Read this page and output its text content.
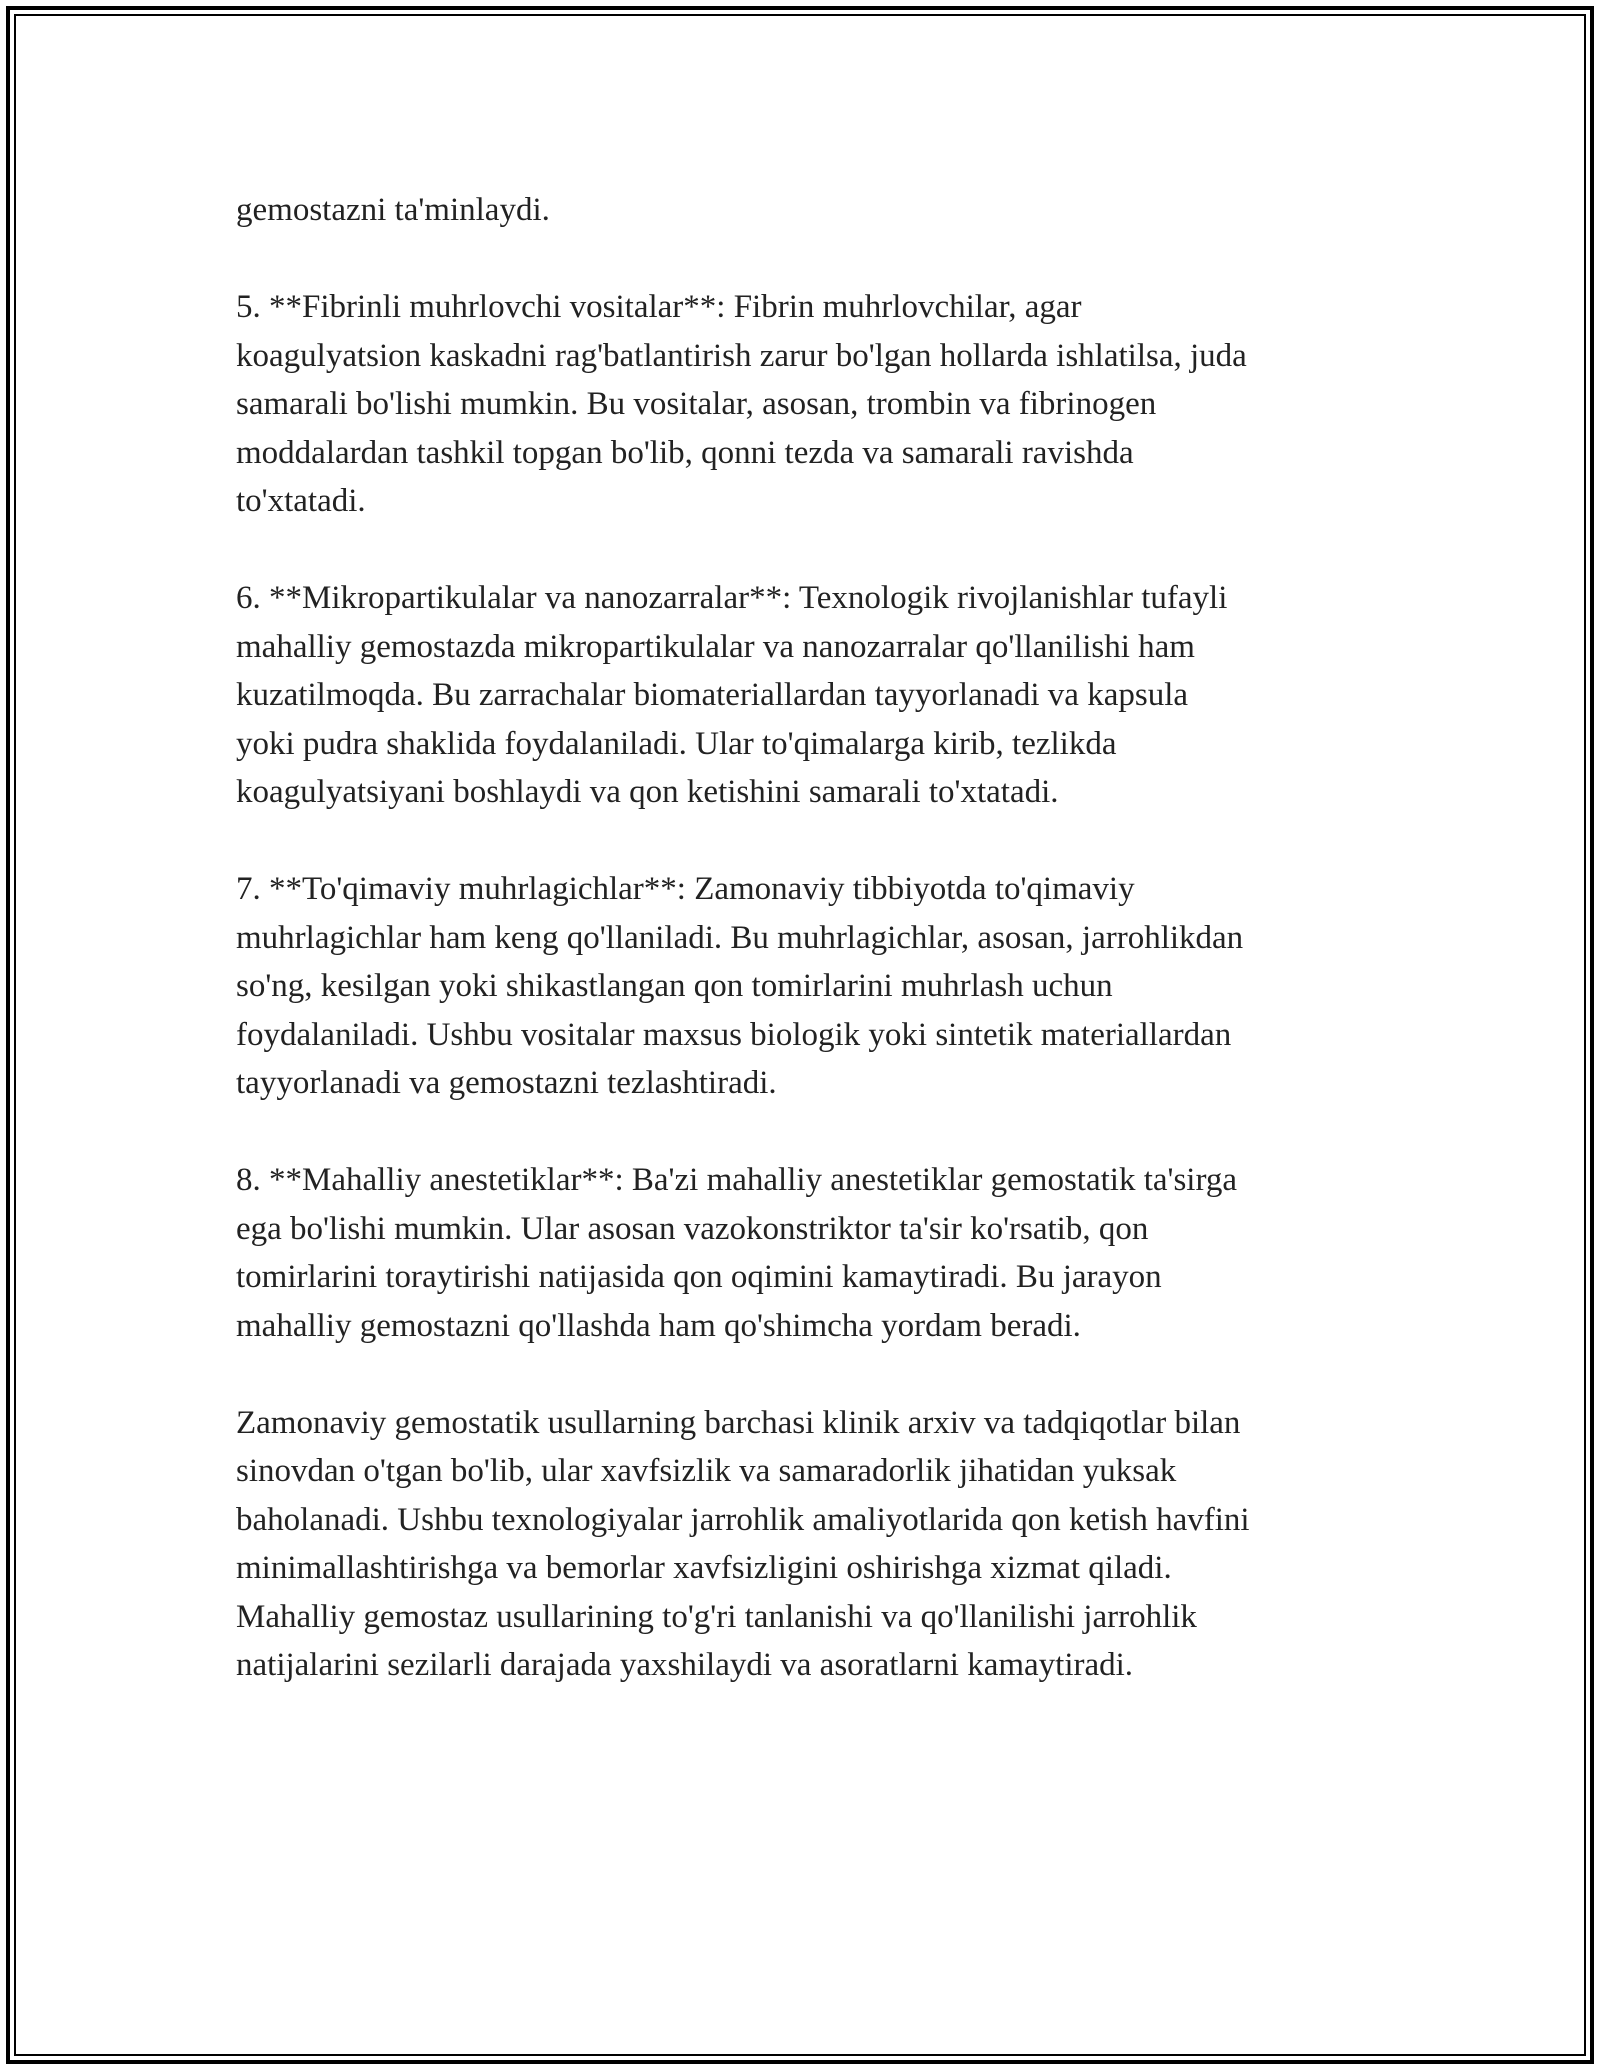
gemostazni ta'minlaydi.

5. **Fibrinli muhrlovchi vositalar**: Fibrin muhrlovchilar, agar
koagulyatsion kaskadni rag'batlantirish zarur bo'lgan hollarda ishlatilsa, juda
samarali bo'lishi mumkin. Bu vositalar, asosan, trombin va fibrinogen
moddalardan tashkil topgan bo'lib, qonni tezda va samarali ravishda
to'xtatadi.

6. **Mikropartikulalar va nanozarralar**: Texnologik rivojlanishlar tufayli
mahalliy gemostazda mikropartikulalar va nanozarralar qo'llanilishi ham
kuzatilmoqda. Bu zarrachalar biomateriallardan tayyorlanadi va kapsula
yoki pudra shaklida foydalaniladi. Ular to'qimalarga kirib, tezlikda
koagulyatsiyani boshlaydi va qon ketishini samarali to'xtatadi.

7. **To'qimaviy muhrlagichlar**: Zamonaviy tibbiyotda to'qimaviy
muhrlagichlar ham keng qo'llaniladi. Bu muhrlagichlar, asosan, jarrohlikdan
so'ng, kesilgan yoki shikastlangan qon tomirlarini muhrlash uchun
foydalaniladi. Ushbu vositalar maxsus biologik yoki sintetik materiallardan
tayyorlanadi va gemostazni tezlashtiradi.

8. **Mahalliy anestetiklar**: Ba'zi mahalliy anestetiklar gemostatik ta'sirga
ega bo'lishi mumkin. Ular asosan vazokonstriktor ta'sir ko'rsatib, qon
tomirlarini toraytirishi natijasida qon oqimini kamaytiradi. Bu jarayon
mahalliy gemostazni qo'llashda ham qo'shimcha yordam beradi.

Zamonaviy gemostatik usullarning barchasi klinik arxiv va tadqiqotlar bilan
sinovdan o'tgan bo'lib, ular xavfsizlik va samaradorlik jihatidan yuksak
baholanadi. Ushbu texnologiyalar jarrohlik amaliyotlarida qon ketish havfini
minimallashtirishga va bemorlar xavfsizligini oshirishga xizmat qiladi.
Mahalliy gemostaz usullarining to'g'ri tanlanishi va qo'llanilishi jarrohlik
natijalarini sezilarli darajada yaxshilaydi va asoratlarni kamaytiradi.
